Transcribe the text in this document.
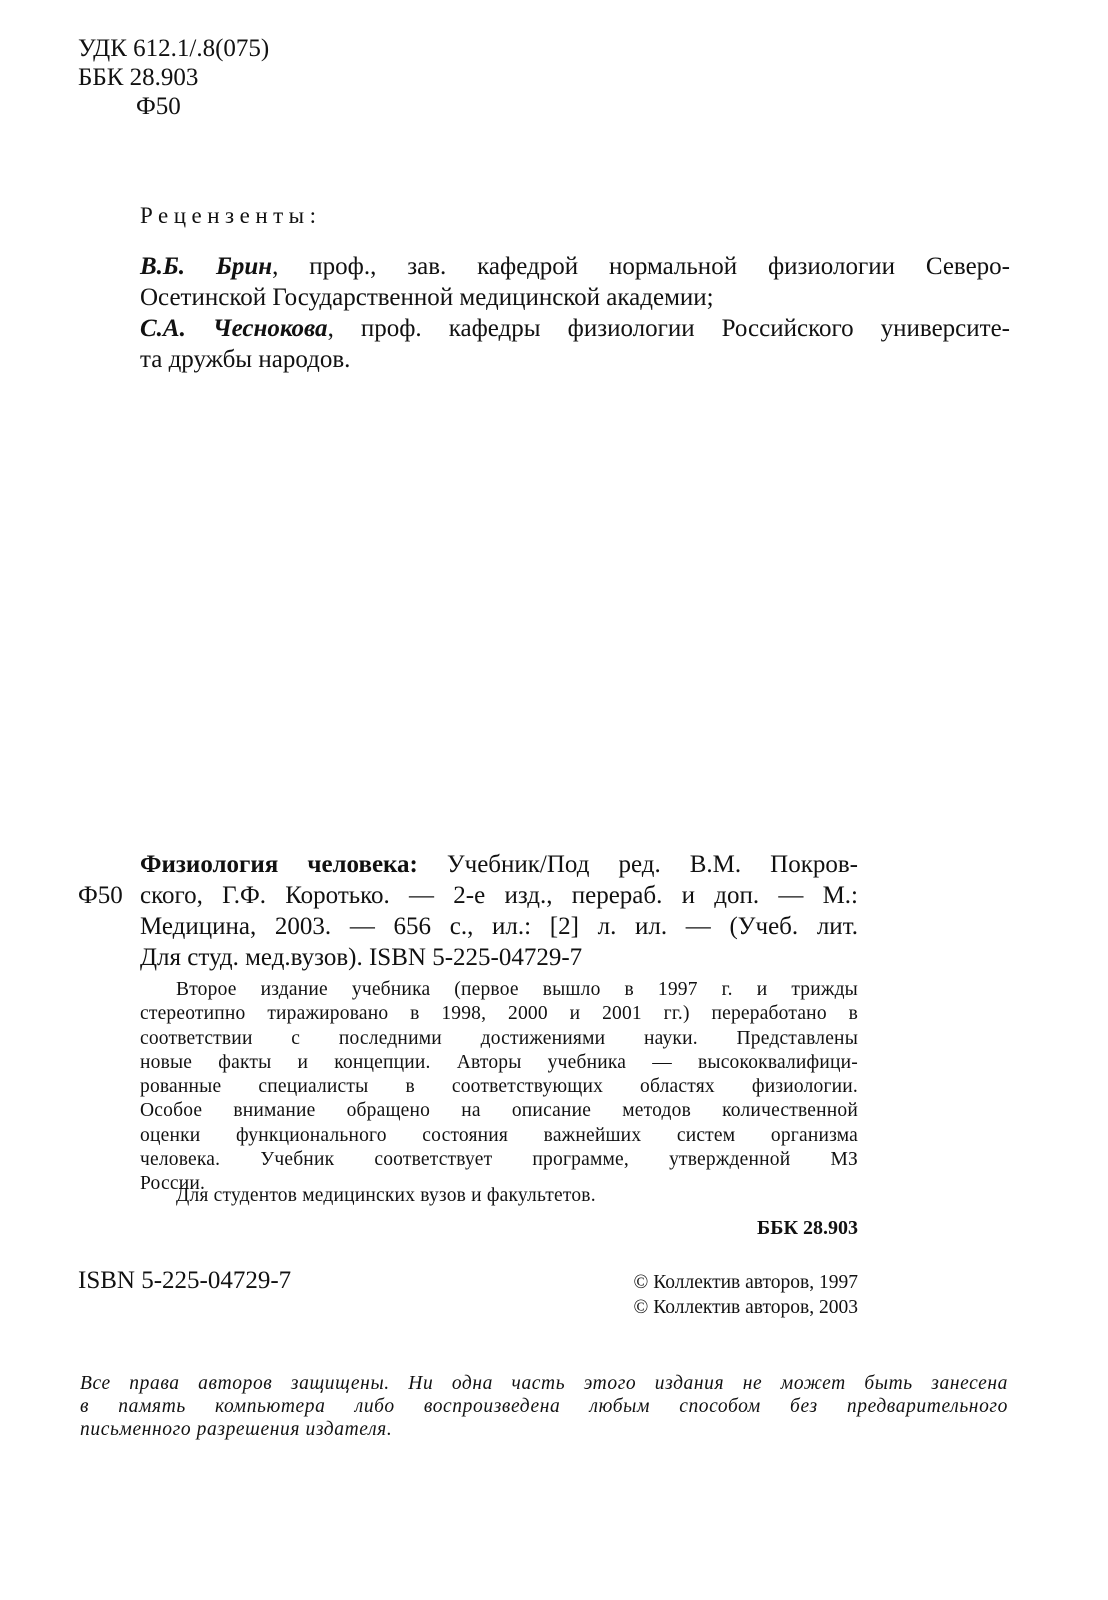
УДК 612.1/.8(075)
ББК 28.903
Ф50
Рецензенты:
В.Б. Брин, проф., зав. кафедрой нормальной физиологии Северо-
Осетинской Государственной медицинской академии;
С.А. Чеснокова, проф. кафедры физиологии Российского университе-
та дружбы народов.
Ф50
Физиология человека: Учебник/Под ред. В.М. Покров-
ского, Г.Ф. Коротько. — 2-е изд., перераб. и доп. — М.:
Медицина, 2003. — 656 с., ил.: [2] л. ил. — (Учеб. лит.
Для студ. мед.вузов). ISBN 5-225-04729-7
Второе издание учебника (первое вышло в 1997 г. и трижды
стереотипно тиражировано в 1998, 2000 и 2001 гг.) переработано в
соответствии с последними достижениями науки. Представлены
новые факты и концепции. Авторы учебника — высококвалифици-
рованные специалисты в соответствующих областях физиологии.
Особое внимание обращено на описание методов количественной
оценки функционального состояния важнейших систем организма
человека. Учебник соответствует программе, утвержденной МЗ
России.
Для студентов медицинских вузов и факультетов.
ББК 28.903
ISBN 5-225-04729-7	© Коллектив авторов, 1997
© Коллектив авторов, 2003
Все права авторов защищены. Ни одна часть этого издания не может быть занесена
в память компьютера либо воспроизведена любым способом без предварительного
письменного разрешения издателя.
